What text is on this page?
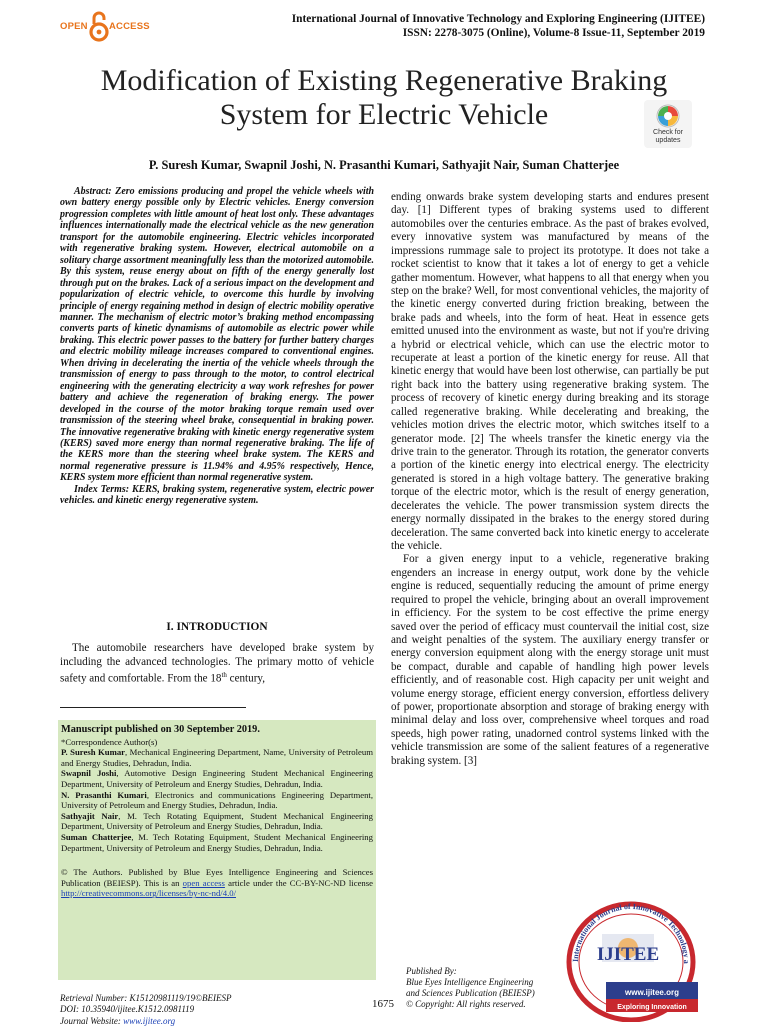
OPEN ACCESS
International Journal of Innovative Technology and Exploring Engineering (IJITEE)
ISSN: 2278-3075 (Online), Volume-8 Issue-11, September 2019
Modification of Existing Regenerative Braking
System for Electric Vehicle
Check for
updates
P. Suresh Kumar, Swapnil Joshi, N. Prasanthi Kumari, Sathyajit Nair, Suman Chatterjee

Abstract: Zero emissions producing and propel the vehicle wheels with own battery energy possible only by Electric vehicles. Energy conversion progression completes with little amount of heat lost only. These advantages influences internationally made the electrical vehicle as the new generation transport for the automobile engineering. Electric vehicles incorporated with regenerative braking system. However, electrical automobile on a solitary charge assortment meaningfully less than the motorized automobile. By this system, reuse energy about on fifth of the energy generally lost through put on the brakes. Lack of a serious impact on the development and popularization of electric vehicle, to overcome this hurdle by involving principle of energy regaining method in design of electric mobility operative manner. The mechanism of electric motor’s braking method encompassing converts parts of kinetic dynamisms of automobile as electric power while braking. This electric power passes to the battery for further battery charges and electric mobility mileage increases compared to conventional engines. When driving in decelerating the inertia of the vehicle wheels through the transmission of energy to pass through to the motor, to control electrical engineering with the generating electricity a way work refreshes for power battery and achieve the regeneration of braking energy. The power developed in the course of the motor braking torque remain used over transmission of the steering wheel brake, consequential in braking power. The innovative regenerative braking with kinetic energy regenerative system (KERS) saved more energy than normal regenerative braking. The life of the KERS more than the steering wheel brake system. The KERS and normal regenerative pressure is 11.94% and 4.95% respectively, Hence, KERS system more efficient than normal regenerative system.

Index Terms: KERS, braking system, regenerative system, electric power vehicles. and kinetic energy regenerative system.

I. INTRODUCTION
The automobile researchers have developed brake system by including the advanced technologies. The primary motto of vehicle safety and comfortable. From the 18th century,
Manuscript published on 30 September 2019.

*Correspondence Author(s)

P. Suresh Kumar, Mechanical Engineering Department, Name, University of Petroleum and Energy Studies, Dehradun, India.

Swapnil Joshi, Automotive Design Engineering Student Mechanical Engineering Department, University of Petroleum and Energy Studies, Dehradun, India.

N. Prasanthi Kumari, Electronics and communications Engineering Department, University of Petroleum and Energy Studies, Dehradun, India.

Sathyajit Nair, M. Tech Rotating Equipment, Student Mechanical Engineering Department, University of Petroleum and Energy Studies, Dehradun, India.

Suman Chatterjee, M. Tech Rotating Equipment, Student Mechanical Engineering Department, University of Petroleum and Energy Studies, Dehradun, India.

© The Authors. Published by Blue Eyes Intelligence Engineering and Sciences Publication (BEIESP). This is an open access article under the CC-BY-NC-ND license http://creativecommons.org/licenses/by-nc-nd/4.0/

ending onwards brake system developing starts and endures present day. [1] Different types of braking systems used to different automobiles over the centuries embrace. As the past of brakes evolved, every innovative system was manufactured by means of the impressions rummage sale to project its prototype. It does not take a rocket scientist to know that it takes a lot of energy to get a vehicle gather momentum. However, what happens to all that energy when you step on the brake? Well, for most conventional vehicles, the majority of the kinetic energy converted during friction breaking, between the brake pads and wheels, into the form of heat. Heat in essence gets emitted unused into the environment as waste, but not if you're driving a hybrid or electrical vehicle, which can use the electric motor to recuperate at least a portion of the kinetic energy for reuse. All that kinetic energy that would have been lost otherwise, can partially be put right back into the battery using regenerative braking system. The process of recovery of kinetic energy during breaking and its storage called regenerative braking. While decelerating and breaking, the vehicles motion drives the electric motor, which switches itself to a generator mode. [2] The wheels transfer the kinetic energy via the drive train to the generator. Through its rotation, the generator converts a portion of the kinetic energy into electrical energy. The electricity generated is stored in a high voltage battery. The generative braking torque of the electric motor, which is the result of energy generation, decelerates the vehicle. The power transmission system directs the energy normally dissipated in the brakes to the energy stored during deceleration. The same converted back into kinetic energy to accelerate the vehicle.

For a given energy input to a vehicle, regenerative braking engenders an increase in energy output, work done by the vehicle engine is reduced, sequentially reducing the amount of prime energy required to propel the vehicle, bringing about an overall improvement in efficiency. For the system to be cost effective the prime energy saved over the period of efficacy must countervail the initial cost, size and weight penalties of the system. The auxiliary energy transfer or energy conversion equipment along with the energy storage unit must be compact, durable and capable of handling high power levels efficiently, and of reasonable cost. High capacity per unit weight and volume energy storage, efficient energy conversion, effortless delivery of power, proportionate absorption and storage of braking energy with minimal delay and loss over, comprehensive wheel torques and road speeds, high power rating, unadorned control systems linked with the vehicle transmission are some of the salient features of a regenerative braking system. [3]

Retrieval Number: K15120981119/19©BEIESP
DOI: 10.35940/ijitee.K1512.0981119
Journal Website: www.ijitee.org
1675
Published By:
Blue Eyes Intelligence Engineering
and Sciences Publication (BEIESP)
© Copyright: All rights reserved.
International Journal of Innovative Technology a
IJITEE
www.ijitee.org
Exploring Innovation
